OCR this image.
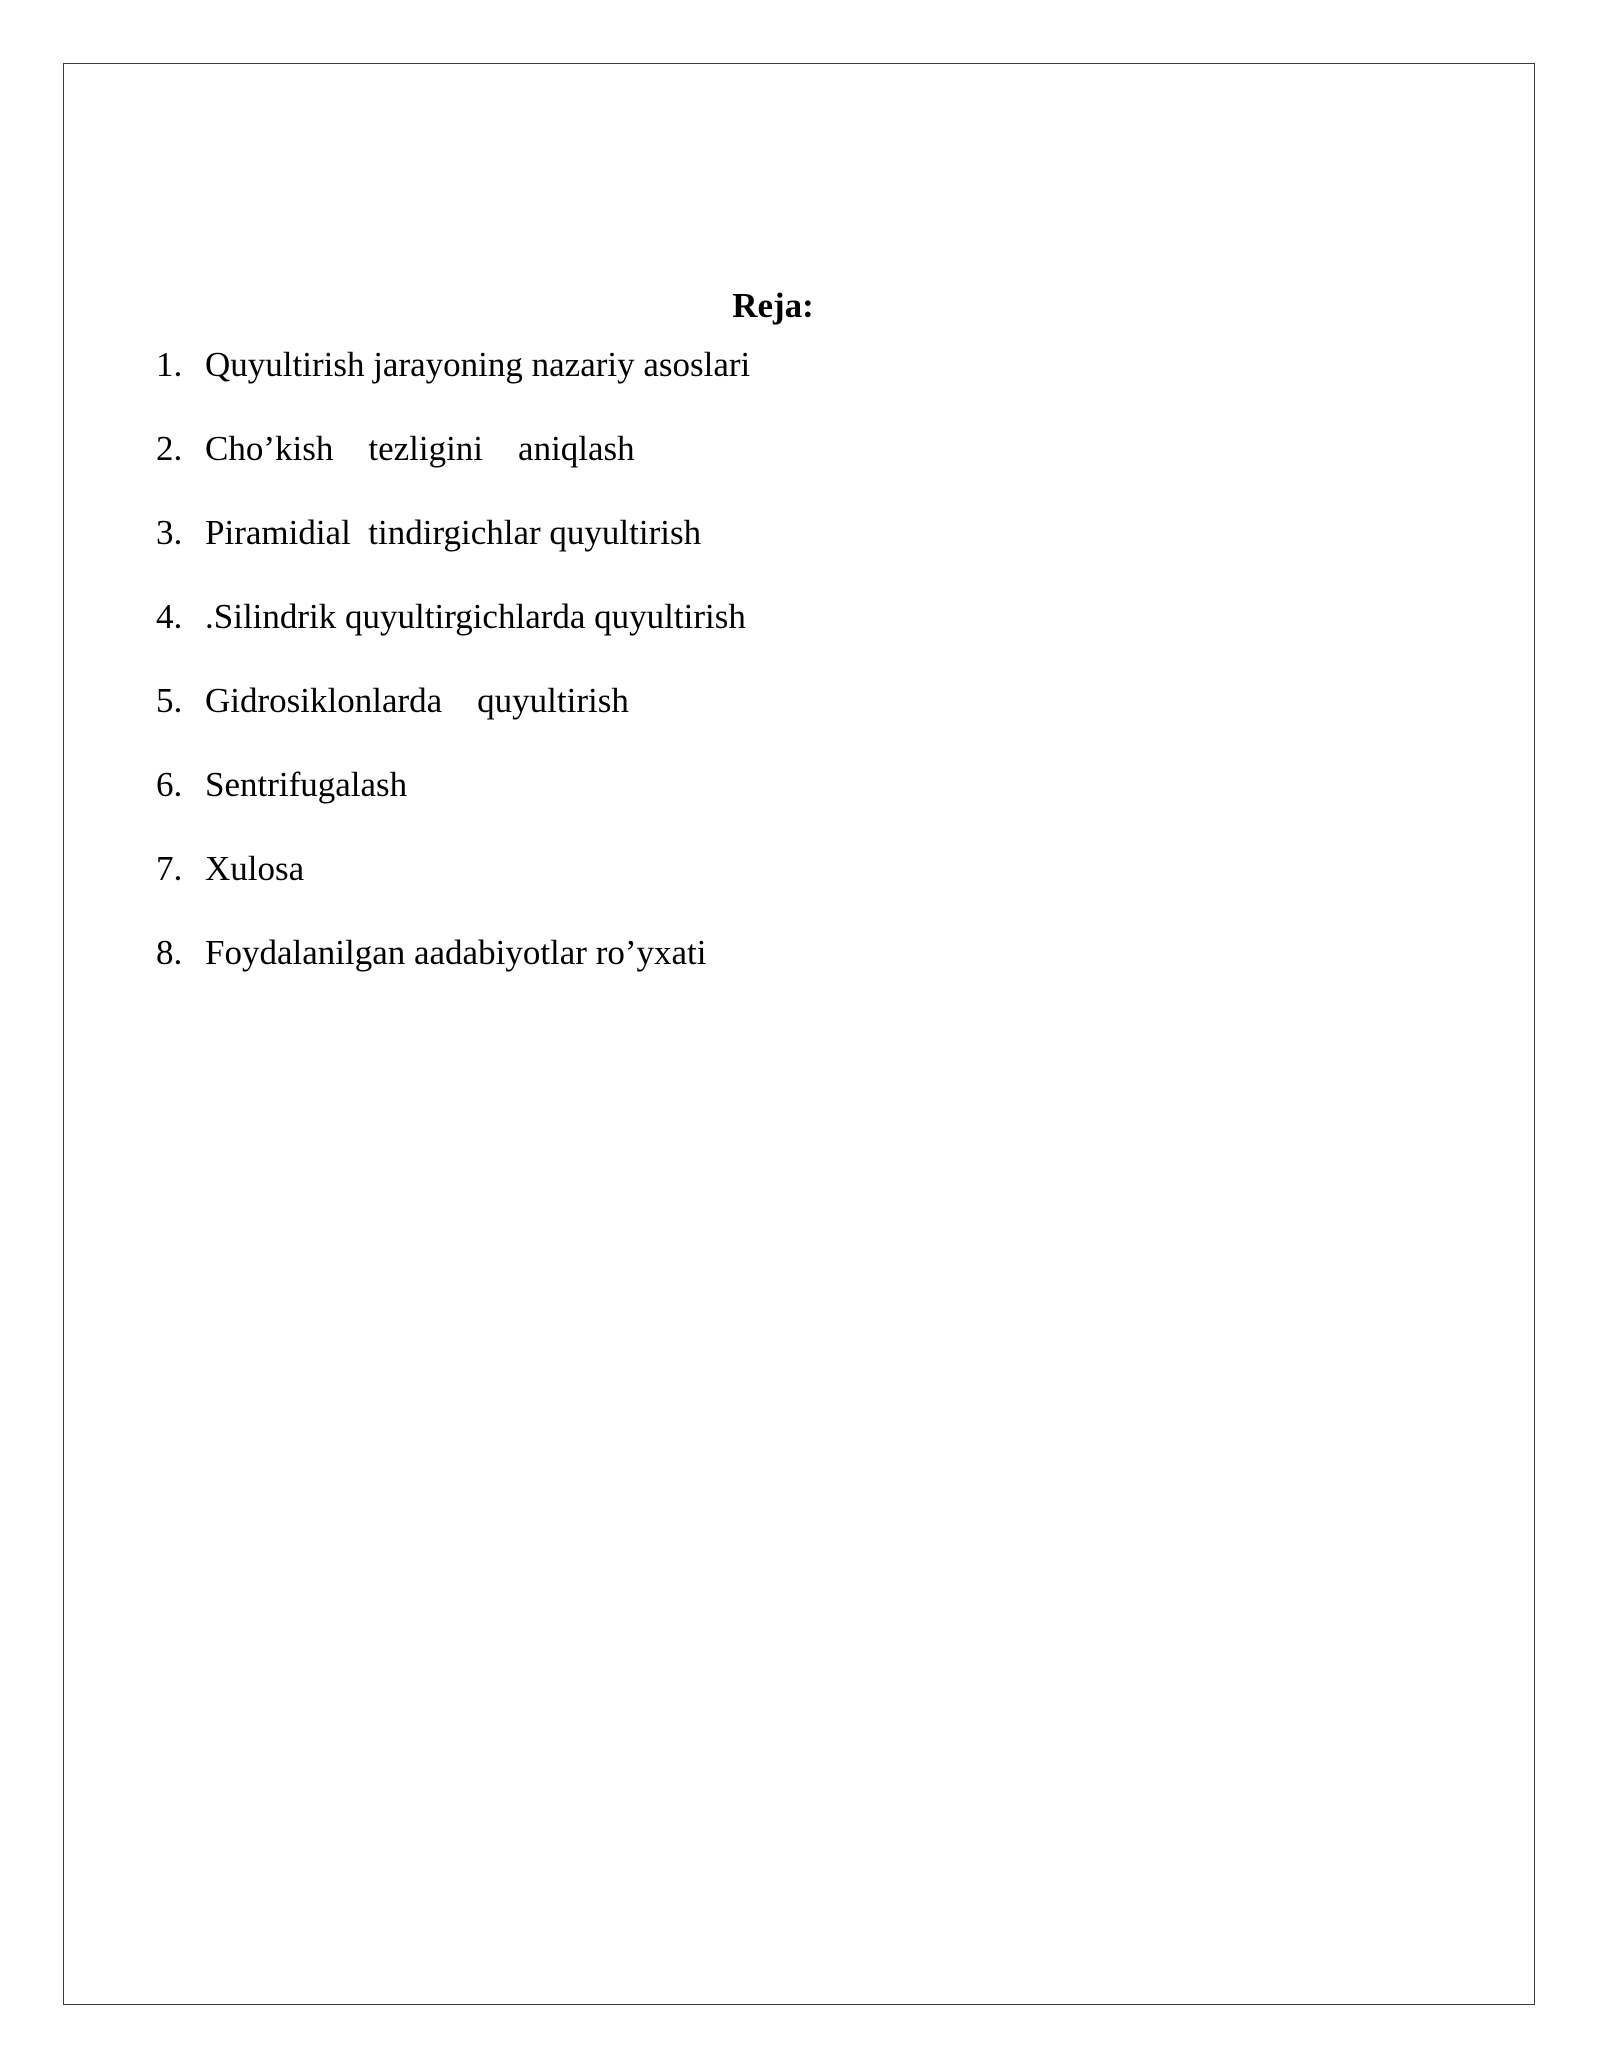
Reja:
1. Quyultirish jarayoning nazariy asoslari
2. Cho’kish    tezligini    aniqlash
3. Piramidial  tindirgichlar quyultirish
4. .Silindrik quyultirgichlarda quyultirish
5. Gidrosiklonlarda    quyultirish
6. Sentrifugalash
7. Xulosa
8. Foydalanilgan aadabiyotlar ro’yxati
